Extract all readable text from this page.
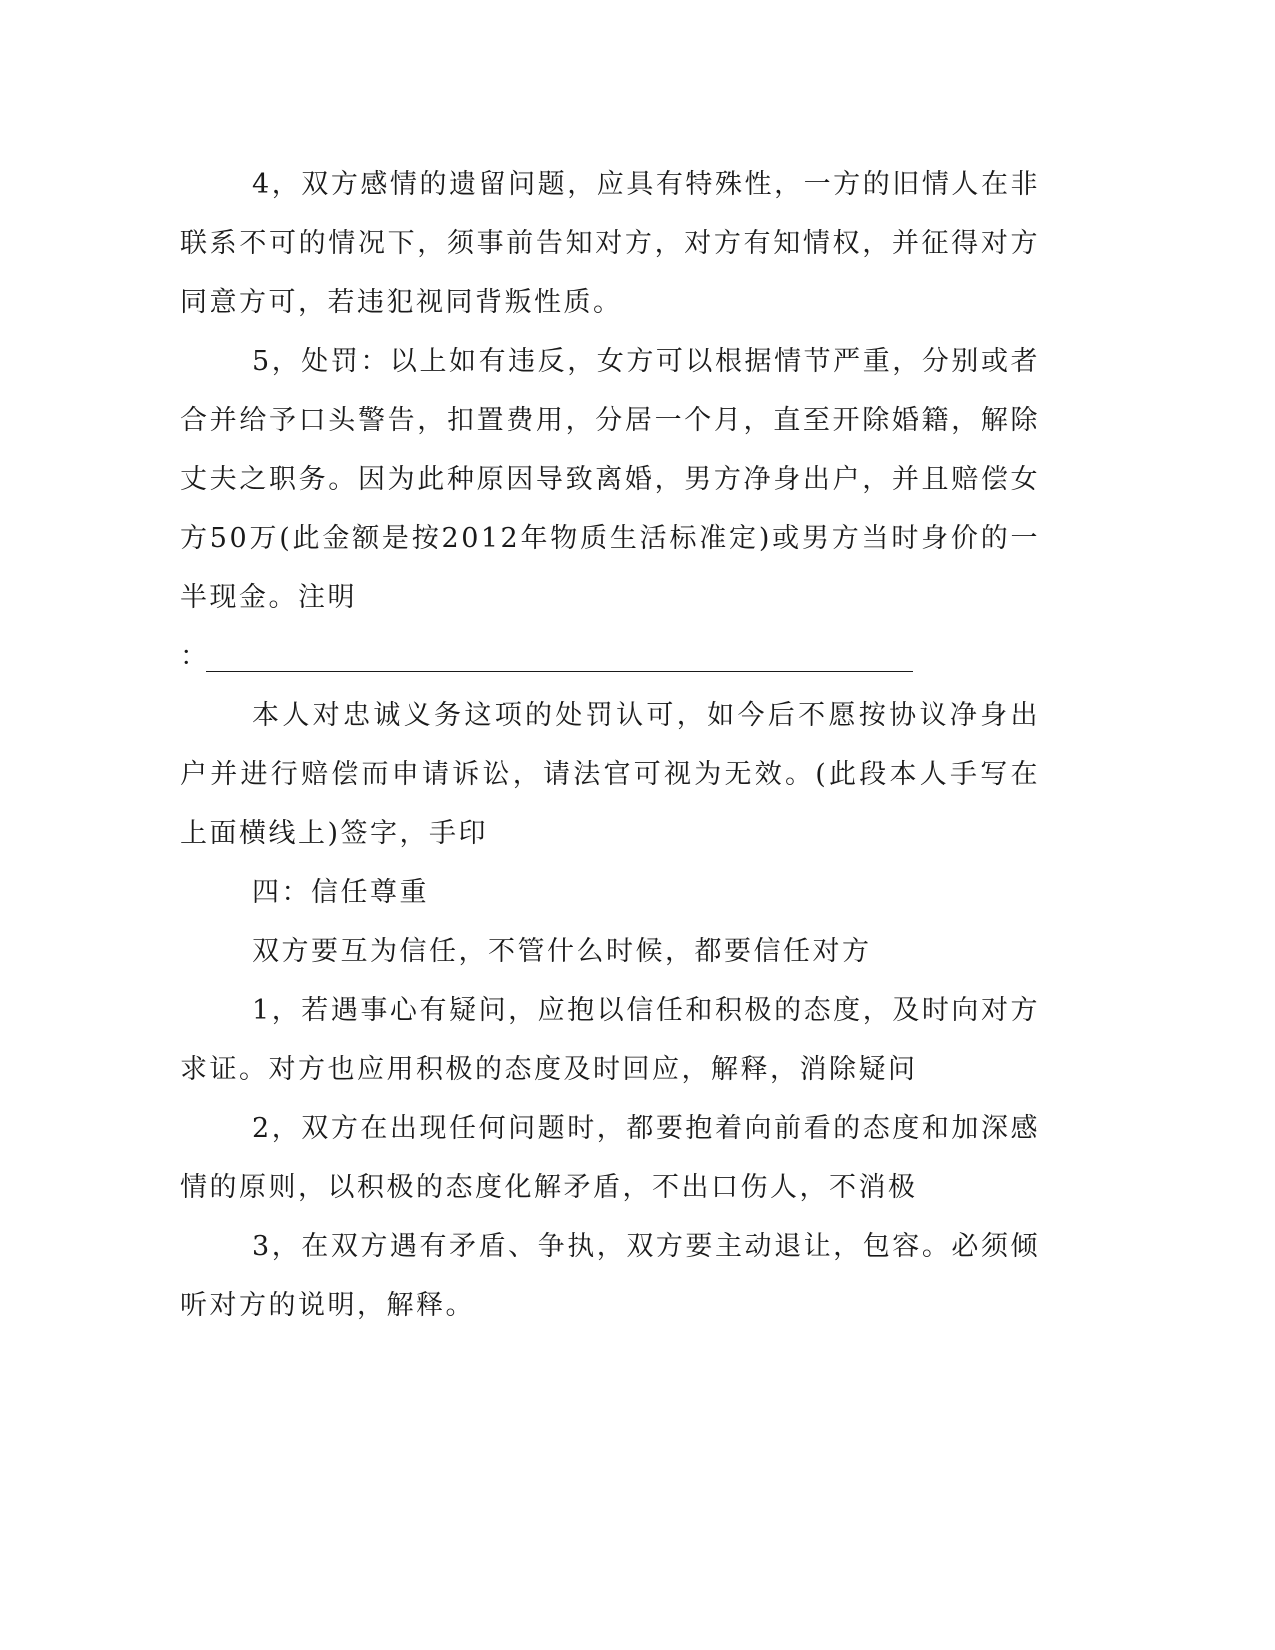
4，双方感情的遗留问题，应具有特殊性，一方的旧情人在非联系不可的情况下，须事前告知对方，对方有知情权，并征得对方同意方可，若违犯视同背叛性质。

5，处罚：以上如有违反，女方可以根据情节严重，分别或者合并给予口头警告，扣置费用，分居一个月，直至开除婚籍，解除丈夫之职务。因为此种原因导致离婚，男方净身出户，并且赔偿女方50万(此金额是按2012年物质生活标准定)或男方当时身价的一半现金。注明

：

本人对忠诚义务这项的处罚认可，如今后不愿按协议净身出户并进行赔偿而申请诉讼，请法官可视为无效。(此段本人手写在上面横线上)签字，手印

四：信任尊重

双方要互为信任，不管什么时候，都要信任对方

1，若遇事心有疑问，应抱以信任和积极的态度，及时向对方求证。对方也应用积极的态度及时回应，解释，消除疑问

2，双方在出现任何问题时，都要抱着向前看的态度和加深感情的原则，以积极的态度化解矛盾，不出口伤人，不消极

3，在双方遇有矛盾、争执，双方要主动退让，包容。必须倾听对方的说明，解释。
